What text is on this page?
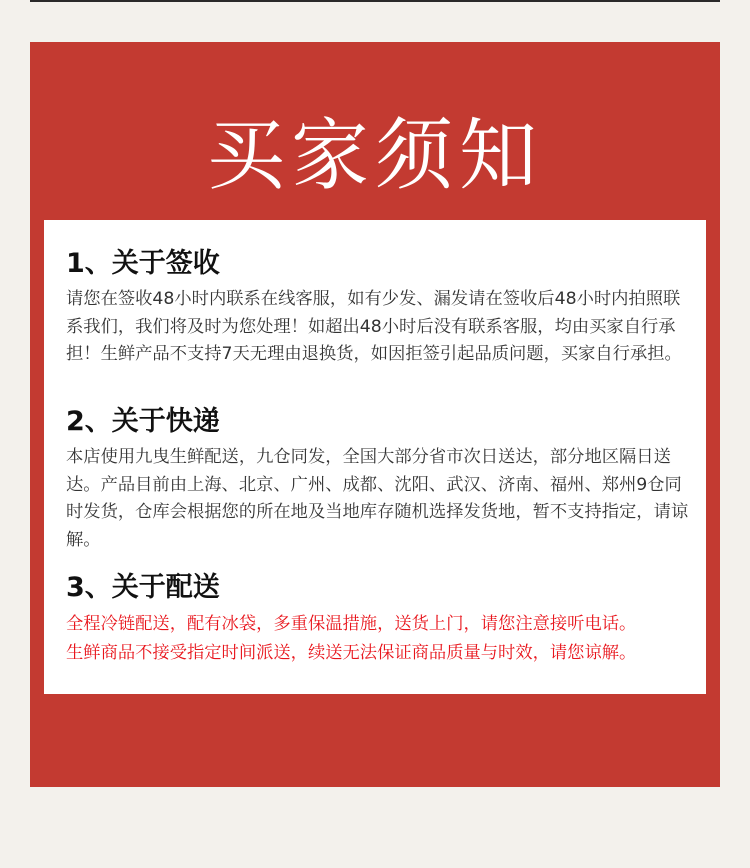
买家须知
1、关于签收

请您在签收48小时内联系在线客服，如有少发、漏发请在签收后48小时内拍照联系我们，我们将及时为您处理！如超出48小时后没有联系客服，均由买家自行承担！生鲜产品不支持7天无理由退换货，如因拒签引起品质问题，买家自行承担。

2、关于快递

本店使用九曳生鲜配送，九仓同发，全国大部分省市次日送达，部分地区隔日送达。产品目前由上海、北京、广州、成都、沈阳、武汉、济南、福州、郑州9仓同时发货，仓库会根据您的所在地及当地库存随机选择发货地，暂不支持指定，请谅解。

3、关于配送

全程冷链配送，配有冰袋，多重保温措施，送货上门，请您注意接听电话。

生鲜商品不接受指定时间派送，续送无法保证商品质量与时效，请您谅解。
